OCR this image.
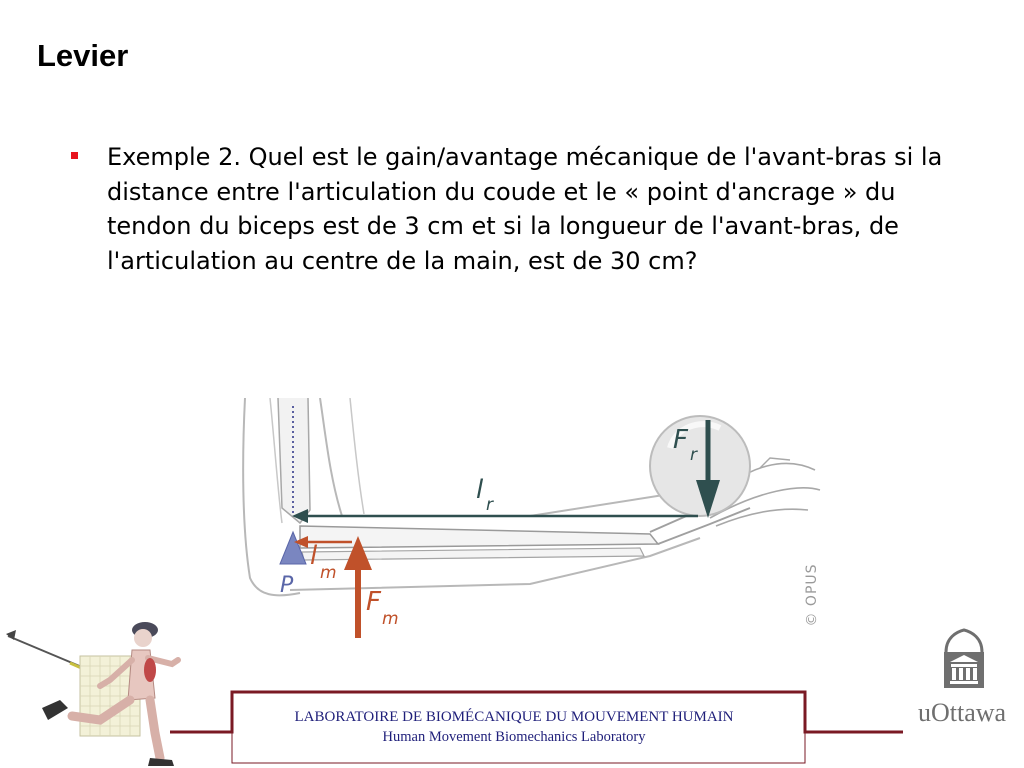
Levier
Exemple 2. Quel est le gain/avantage mécanique de l'avant-bras si la distance entre l'articulation du coude et le « point d'ancrage » du tendon du biceps est de 3 cm et si la longueur de l'avant-bras, de l'articulation au centre de la main, est de 30 cm?
F r
l r
l
m
F
m
P	© OPUS
LABORATOIRE DE BIOMÉCANIQUE DU MOUVEMENT HUMAIN
Human Movement Biomechanics Laboratory
uOttawa
